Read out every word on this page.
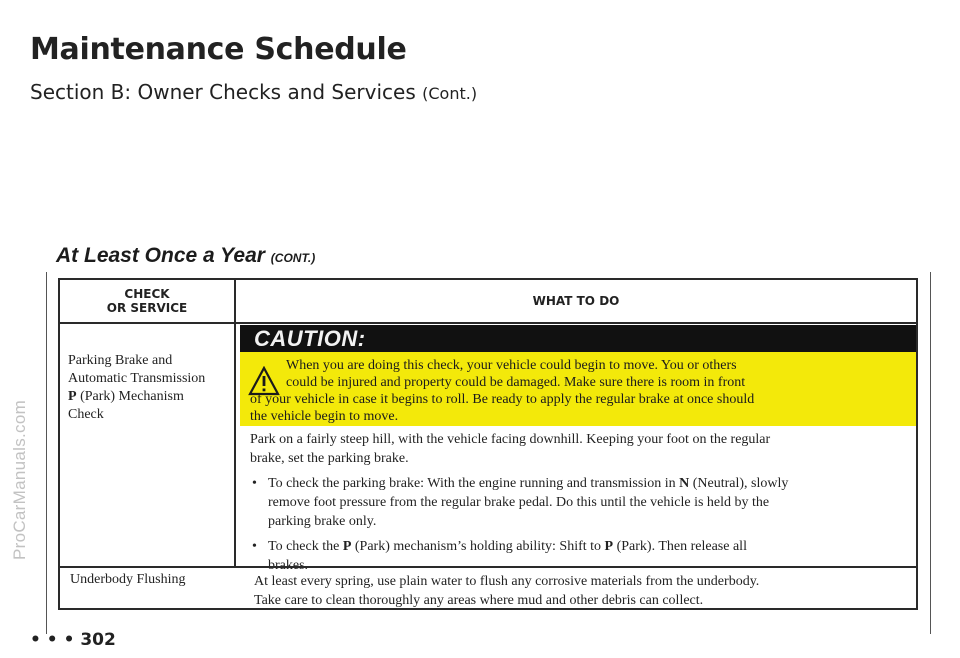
ProCarManuals.com
Maintenance Schedule
Section B: Owner Checks and Services (Cont.)
At Least Once a Year (CONT.)
CHECK
OR SERVICE	WHAT TO DO
Parking Brake and
Automatic Transmission
P (Park) Mechanism
Check
CAUTION:
When you are doing this check, your vehicle could begin to move. You or others
could be injured and property could be damaged. Make sure there is room in front
of your vehicle in case it begins to roll. Be ready to apply the regular brake at once should
the vehicle begin to move.
Park on a fairly steep hill, with the vehicle facing downhill. Keeping your foot on the regular
brake, set the parking brake.
• To check the parking brake: With the engine running and transmission in N (Neutral), slowly
remove foot pressure from the regular brake pedal. Do this until the vehicle is held by the
parking brake only.
• To check the P (Park) mechanism’s holding ability: Shift to P (Park). Then release all
Underbody Flushing	At least every spring, use plain water to flush any corrosive materials from the underbody.
Take care to clean thoroughly any areas where mud and other debris can collect.
• • • 302
